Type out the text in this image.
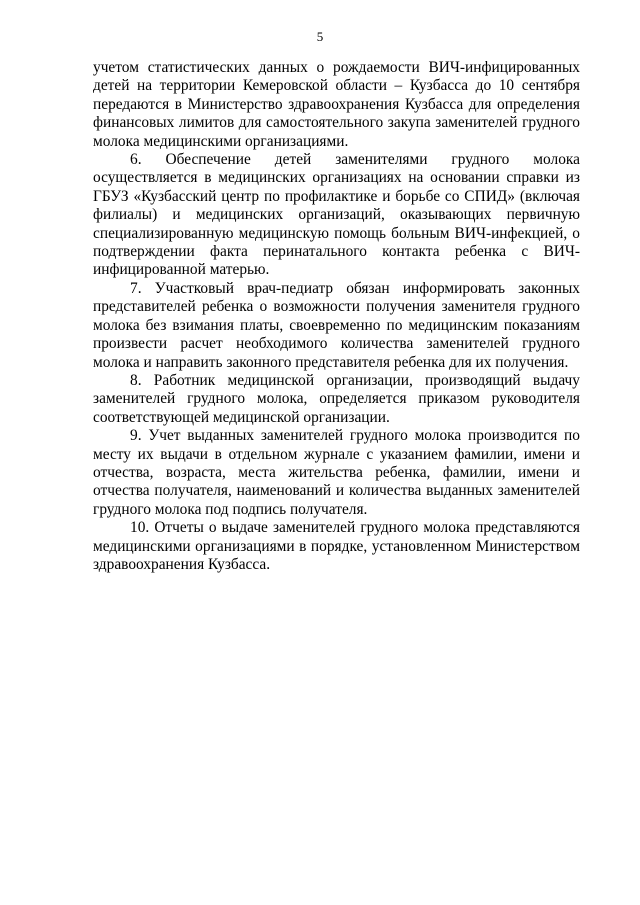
5

учетом статистических данных о рождаемости ВИЧ-инфицированных детей на территории Кемеровской области – Кузбасса до 10 сентября передаются в Министерство здравоохранения Кузбасса для определения финансовых лимитов для самостоятельного закупа заменителей грудного молока медицинскими организациями.

6. Обеспечение детей заменителями грудного молока осуществляется в медицинских организациях на основании справки из ГБУЗ «Кузбасский центр по профилактике и борьбе со СПИД» (включая филиалы) и медицинских организаций, оказывающих первичную специализированную медицинскую помощь больным ВИЧ-инфекцией, о подтверждении факта перинатального контакта ребенка с ВИЧ-инфицированной матерью.

7. Участковый врач-педиатр обязан информировать законных представителей ребенка о возможности получения заменителя грудного молока без взимания платы, своевременно по медицинским показаниям произвести расчет необходимого количества заменителей грудного молока и направить законного представителя ребенка для их получения.

8. Работник медицинской организации, производящий выдачу заменителей грудного молока, определяется приказом руководителя соответствующей медицинской организации.

9. Учет выданных заменителей грудного молока производится по месту их выдачи в отдельном журнале с указанием фамилии, имени и отчества, возраста, места жительства ребенка, фамилии, имени и отчества получателя, наименований и количества выданных заменителей грудного молока под подпись получателя.

10. Отчеты о выдаче заменителей грудного молока представляются медицинскими организациями в порядке, установленном Министерством здравоохранения Кузбасса.
